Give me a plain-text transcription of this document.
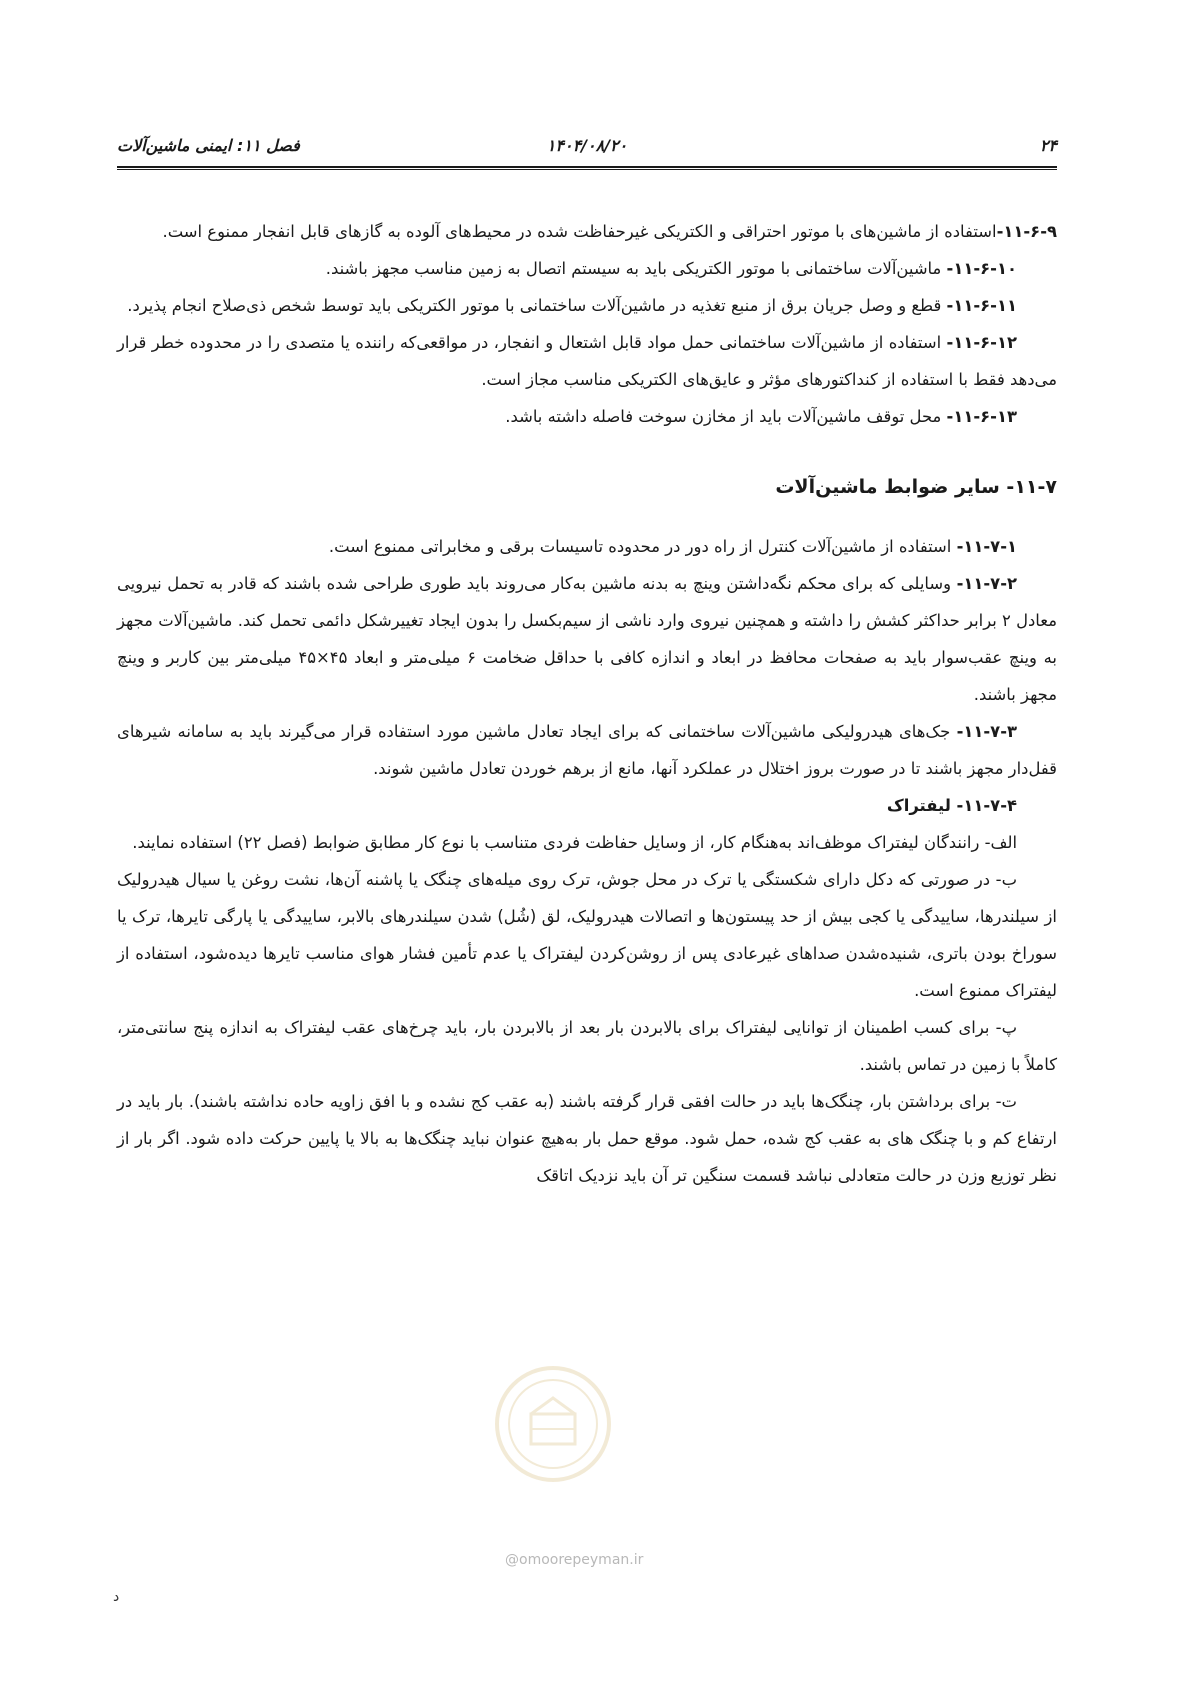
۲۴
۱۴۰۴/۰۸/۲۰
فصل ۱۱: ایمنی ماشین‌آلات

۱۱-۶-۹-استفاده از ماشین‌های با موتور احتراقی و الکتریکی غیرحفاظت شده در محیط‌های آلوده به گازهای قابل انفجار ممنوع است.

۱۱-۶-۱۰- ماشین‌آلات ساختمانی با موتور الکتریکی باید به سیستم اتصال به زمین مناسب مجهز باشند.

۱۱-۶-۱۱- قطع و وصل جریان برق از منبع تغذیه در ماشین‌آلات ساختمانی با موتور الکتریکی باید توسط شخص ذی‌صلاح انجام پذیرد.

۱۱-۶-۱۲- استفاده از ماشین‌آلات ساختمانی حمل مواد قابل اشتعال و انفجار، در مواقعی‌که راننده یا متصدی را در محدوده خطر قرار می‌دهد فقط با استفاده از کنداکتورهای مؤثر و عایق‌های الکتریکی مناسب مجاز است.

۱۱-۶-۱۳- محل توقف ماشین‌آلات باید از مخازن سوخت فاصله داشته باشد.

۱۱-۷- سایر ضوابط ماشین‌آلات

۱۱-۷-۱- استفاده از ماشین‌آلات کنترل از راه دور در محدوده تاسیسات برقی و مخابراتی ممنوع است.

۱۱-۷-۲- وسایلی که برای محکم نگه‌داشتن وینچ به بدنه ماشین به‌کار می‌روند باید طوری طراحی شده باشند که قادر به تحمل نیرویی معادل ۲ برابر حداکثر کشش را داشته و همچنین نیروی وارد ناشی از سیم‌بکسل را بدون ایجاد تغییرشکل دائمی تحمل کند. ماشین‌آلات مجهز به وینچ عقب‌سوار باید به صفحات محافظ در ابعاد و اندازه کافی با حداقل ضخامت ۶ میلی‌متر و ابعاد ۴۵×۴۵ میلی‌متر بین کاربر و وینچ مجهز باشند.

۱۱-۷-۳- جک‌های هیدرولیکی ماشین‌آلات ساختمانی که برای ایجاد تعادل ماشین مورد استفاده قرار می‌گیرند باید به سامانه شیرهای قفل‌دار مجهز باشند تا در صورت بروز اختلال در عملکرد آنها، مانع از برهم خوردن تعادل ماشین شوند.

۱۱-۷-۴- لیفتراک

الف- رانندگان لیفتراک موظف‌اند به‌هنگام کار، از وسایل حفاظت فردی متناسب با نوع کار مطابق ضوابط (فصل ۲۲) استفاده نمایند.

ب- در صورتی که دکل دارای شکستگی یا ترک در محل جوش، ترک روی میله‌های چنگک یا پاشنه آن‌ها، نشت روغن یا سیال هیدرولیک از سیلندرها، ساییدگی یا کجی بیش از حد پیستون‌ها و اتصالات هیدرولیک، لق (شُل) شدن سیلندرهای بالابر، ساییدگی یا پارگی تایرها، ترک یا سوراخ بودن باتری، شنیده‌شدن صداهای غیرعادی پس از روشن‌کردن لیفتراک یا عدم تأمین فشار هوای مناسب تایرها دیده‌شود، استفاده از لیفتراک ممنوع است.

پ- برای کسب اطمینان از توانایی لیفتراک برای بالابردن بار بعد از بالابردن بار، باید چرخ‌های عقب لیفتراک به اندازه پنج سانتی‌متر، کاملاً با زمین در تماس باشند.

ت- برای برداشتن بار، چنگک‌ها باید در حالت افقی قرار گرفته باشند (به عقب کج نشده و با افق زاویه حاده نداشته باشند). بار باید در ارتفاع کم و با چنگک های به عقب کج شده، حمل شود. موقع حمل بار به‌هیچ عنوان نباید چنگک‌ها به بالا یا پایین حرکت داده شود. اگر بار از نظر توزیع وزن در حالت متعادلی نباشد قسمت سنگین تر آن باید نزدیک اتاقک

@omoorepeyman.ir
د
